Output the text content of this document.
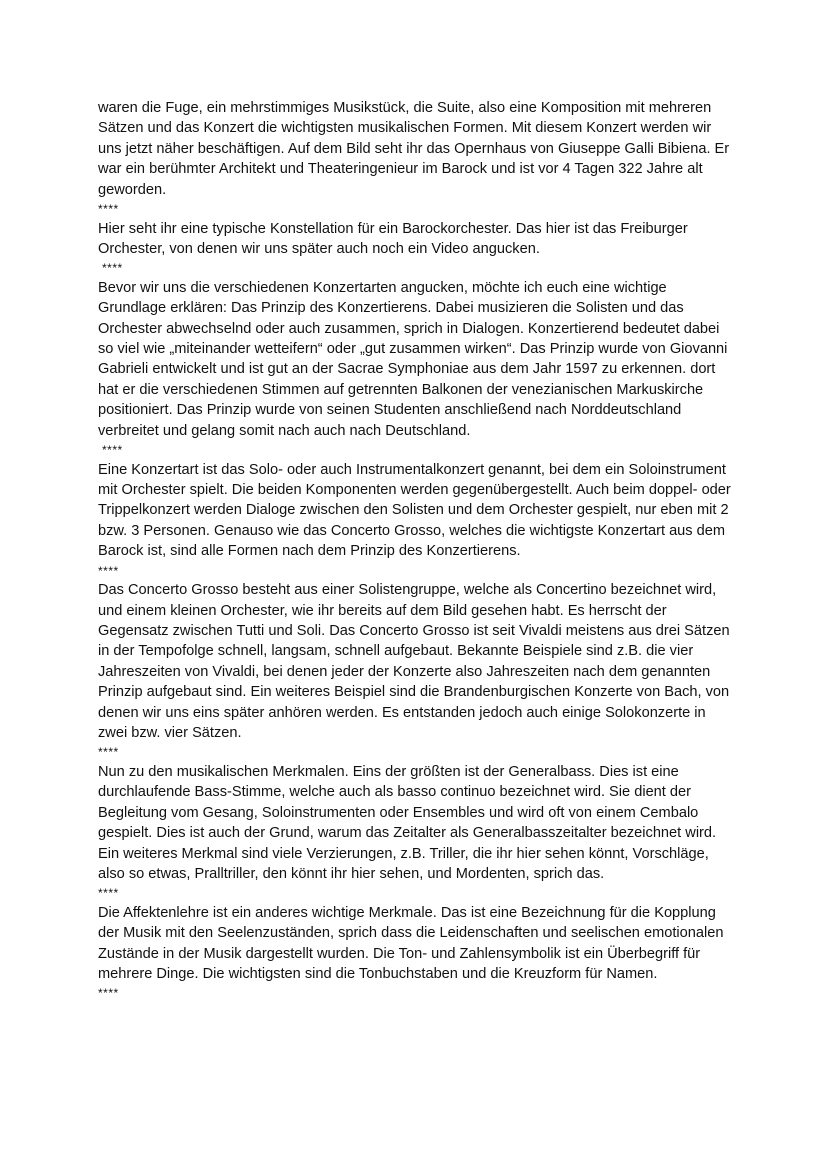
waren die Fuge, ein mehrstimmiges Musikstück, die Suite, also eine Komposition mit mehreren Sätzen und das Konzert die wichtigsten musikalischen Formen. Mit diesem Konzert werden wir uns jetzt näher beschäftigen. Auf dem Bild seht ihr das Opernhaus von Giuseppe Galli Bibiena. Er war ein berühmter Architekt und Theateringenieur im Barock und ist vor 4 Tagen 322 Jahre alt geworden.

****

Hier seht ihr eine typische Konstellation für ein Barockorchester. Das hier ist das Freiburger Orchester, von denen wir uns später auch noch ein Video angucken.

****

Bevor wir uns die verschiedenen Konzertarten angucken, möchte ich euch eine wichtige Grundlage erklären: Das Prinzip des Konzertierens. Dabei musizieren die Solisten und das Orchester abwechselnd oder auch zusammen, sprich in Dialogen. Konzertierend bedeutet dabei so viel wie „miteinander wetteifern“ oder „gut zusammen wirken“. Das Prinzip wurde von Giovanni Gabrieli entwickelt und ist gut an der Sacrae Symphoniae aus dem Jahr 1597 zu erkennen. dort hat er die verschiedenen Stimmen auf getrennten Balkonen der venezianischen Markuskirche positioniert. Das Prinzip wurde von seinen Studenten anschließend nach Norddeutschland verbreitet und gelang somit nach auch nach Deutschland.

****

Eine Konzertart ist das Solo- oder auch Instrumentalkonzert genannt, bei dem ein Soloinstrument mit Orchester spielt. Die beiden Komponenten werden gegenübergestellt. Auch beim doppel- oder Trippelkonzert werden Dialoge zwischen den Solisten und dem Orchester gespielt, nur eben mit 2 bzw. 3 Personen. Genauso wie das Concerto Grosso, welches die wichtigste Konzertart aus dem Barock ist, sind alle Formen nach dem Prinzip des Konzertierens.

****

Das Concerto Grosso besteht aus einer Solistengruppe, welche als Concertino bezeichnet wird, und einem kleinen Orchester, wie ihr bereits auf dem Bild gesehen habt. Es herrscht der Gegensatz zwischen Tutti und Soli. Das Concerto Grosso ist seit Vivaldi meistens aus drei Sätzen in der Tempofolge schnell, langsam, schnell aufgebaut. Bekannte Beispiele sind z.B. die vier Jahreszeiten von Vivaldi, bei denen jeder der Konzerte also Jahreszeiten nach dem genannten Prinzip aufgebaut sind. Ein weiteres Beispiel sind die Brandenburgischen Konzerte von Bach, von denen wir uns eins später anhören werden. Es entstanden jedoch auch einige Solokonzerte in zwei bzw. vier Sätzen.

****

Nun zu den musikalischen Merkmalen. Eins der größten ist der Generalbass. Dies ist eine durchlaufende Bass-Stimme, welche auch als basso continuo bezeichnet wird. Sie dient der Begleitung vom Gesang, Soloinstrumenten oder Ensembles und wird oft von einem Cembalo gespielt. Dies ist auch der Grund, warum das Zeitalter als Generalbasszeitalter bezeichnet wird. Ein weiteres Merkmal sind viele Verzierungen, z.B. Triller, die ihr hier sehen könnt, Vorschläge, also so etwas, Pralltriller, den könnt ihr hier sehen, und Mordenten, sprich das.

****

Die Affektenlehre ist ein anderes wichtige Merkmale. Das ist eine Bezeichnung für die Kopplung der Musik mit den Seelenzuständen, sprich dass die Leidenschaften und seelischen emotionalen Zustände in der Musik dargestellt wurden. Die Ton- und Zahlensymbolik ist ein Überbegriff für mehrere Dinge. Die wichtigsten sind die Tonbuchstaben und die Kreuzform für Namen.

****
